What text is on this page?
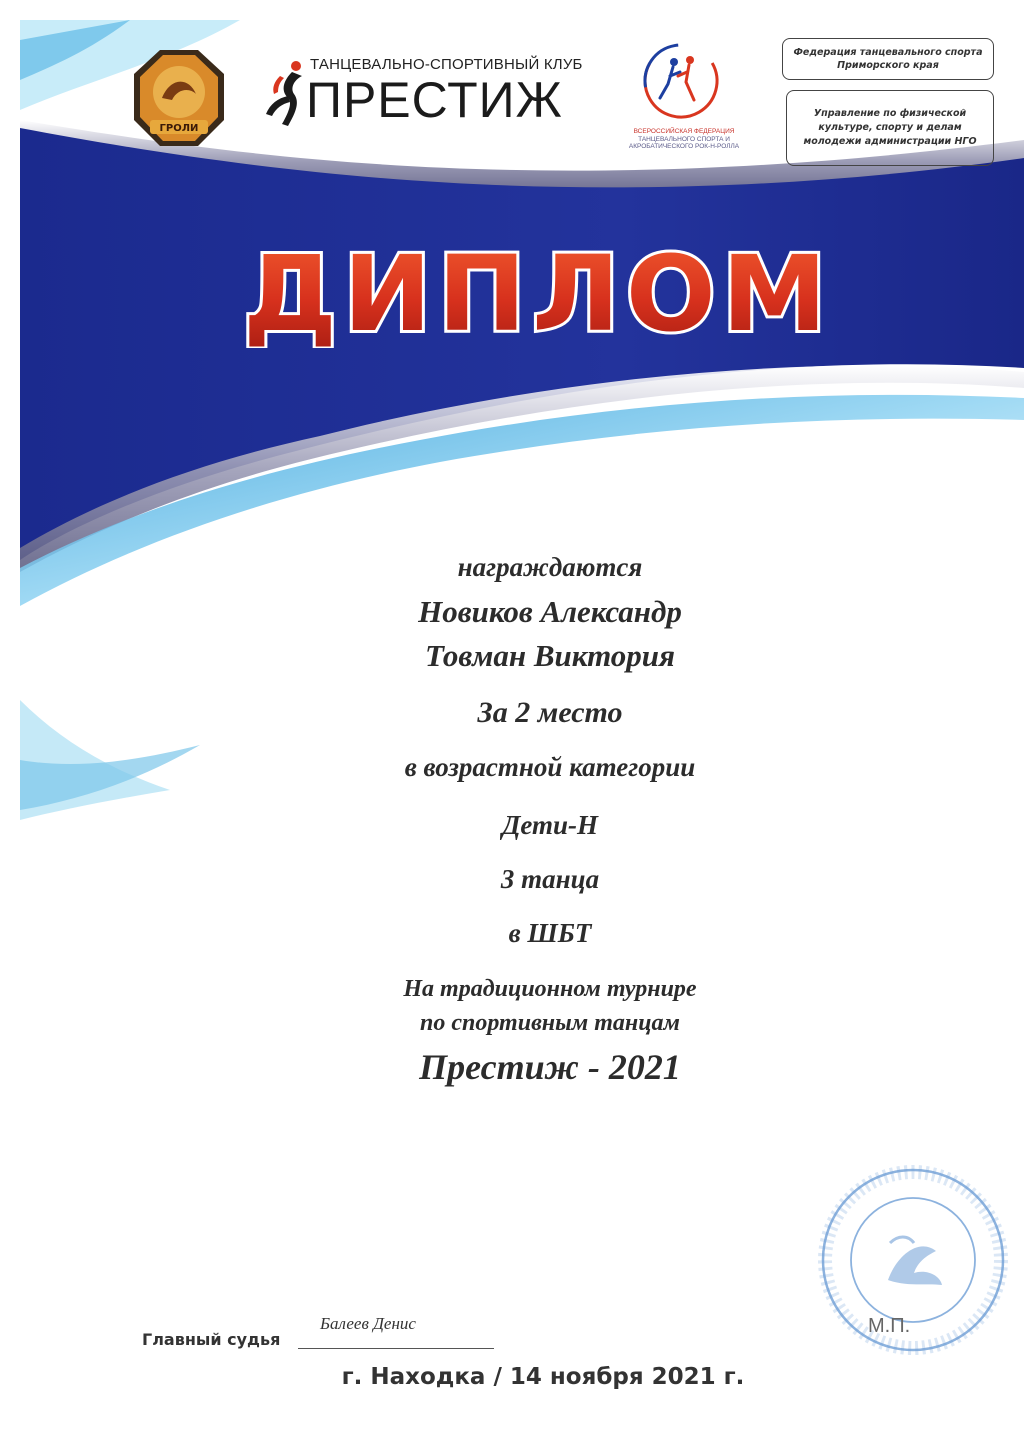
ГРОЛИ
ТАНЦЕВАЛЬНО-СПОРТИВНЫЙ КЛУБ
ПРЕСТИЖ
ВСЕРОССИЙСКАЯ ФЕДЕРАЦИЯ
ТАНЦЕВАЛЬНОГО СПОРТА И
АКРОБАТИЧЕСКОГО РОК-Н-РОЛЛА
Федерация танцевального спорта Приморского края
Управление по физической культуре, спорту и делам молодежи администрации НГО
ДИПЛОМ
награждаются
Новиков Александр
Товман Виктория
За 2 место
в возрастной категории
Дети-Н
3 танца
в ШБТ
На традиционном турнире
по спортивным танцам
Престиж - 2021
М.П.
Главный судья
Балеев Денис
г. Находка / 14 ноября 2021 г.
